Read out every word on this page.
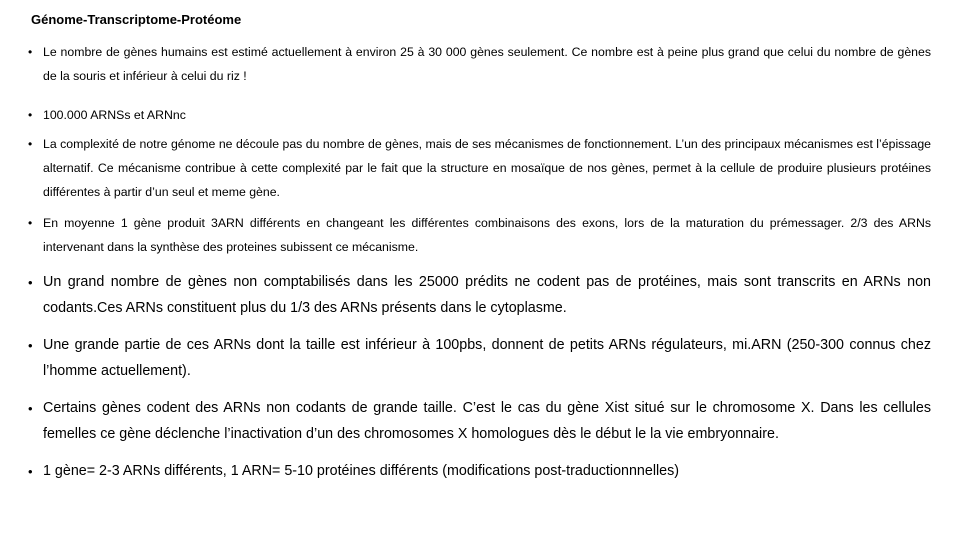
Génome-Transcriptome-Protéome
• Le nombre de gènes humains est estimé actuellement à environ 25 à 30 000 gènes seulement. Ce nombre est à peine plus grand que celui du nombre de gènes de la souris et inférieur à celui du riz !
• 100.000 ARNSs et ARNnc
• La complexité de notre génome ne découle pas du nombre de gènes, mais de ses mécanismes de fonctionnement. L’un des principaux mécanismes est l’épissage alternatif. Ce mécanisme contribue à cette complexité par le fait que la structure en mosaïque de nos gènes, permet à la cellule de produire plusieurs protéines différentes à partir d’un seul et meme gène.
• En moyenne 1 gène produit 3ARN différents en changeant les différentes combinaisons des exons, lors de la maturation du prémessager. 2/3 des ARNs intervenant dans la synthèse des proteines subissent ce mécanisme.
• Un grand nombre de gènes non comptabilisés dans les 25000 prédits ne codent pas de protéines, mais sont transcrits en ARNs non codants.Ces ARNs constituent plus du 1/3 des ARNs présents dans le cytoplasme.
• Une grande partie de ces ARNs dont la taille est inférieur à 100pbs, donnent de petits ARNs régulateurs, mi.ARN (250-300 connus chez l’homme actuellement).
• Certains gènes codent des ARNs non codants de grande taille. C’est le cas du gène Xist situé sur le chromosome X. Dans les cellules femelles ce gène déclenche l’inactivation d’un des chromosomes X homologues dès le début le la vie embryonnaire.
• 1 gène= 2-3 ARNs différents, 1 ARN= 5-10 protéines différents (modifications post-traductionnnelles)
